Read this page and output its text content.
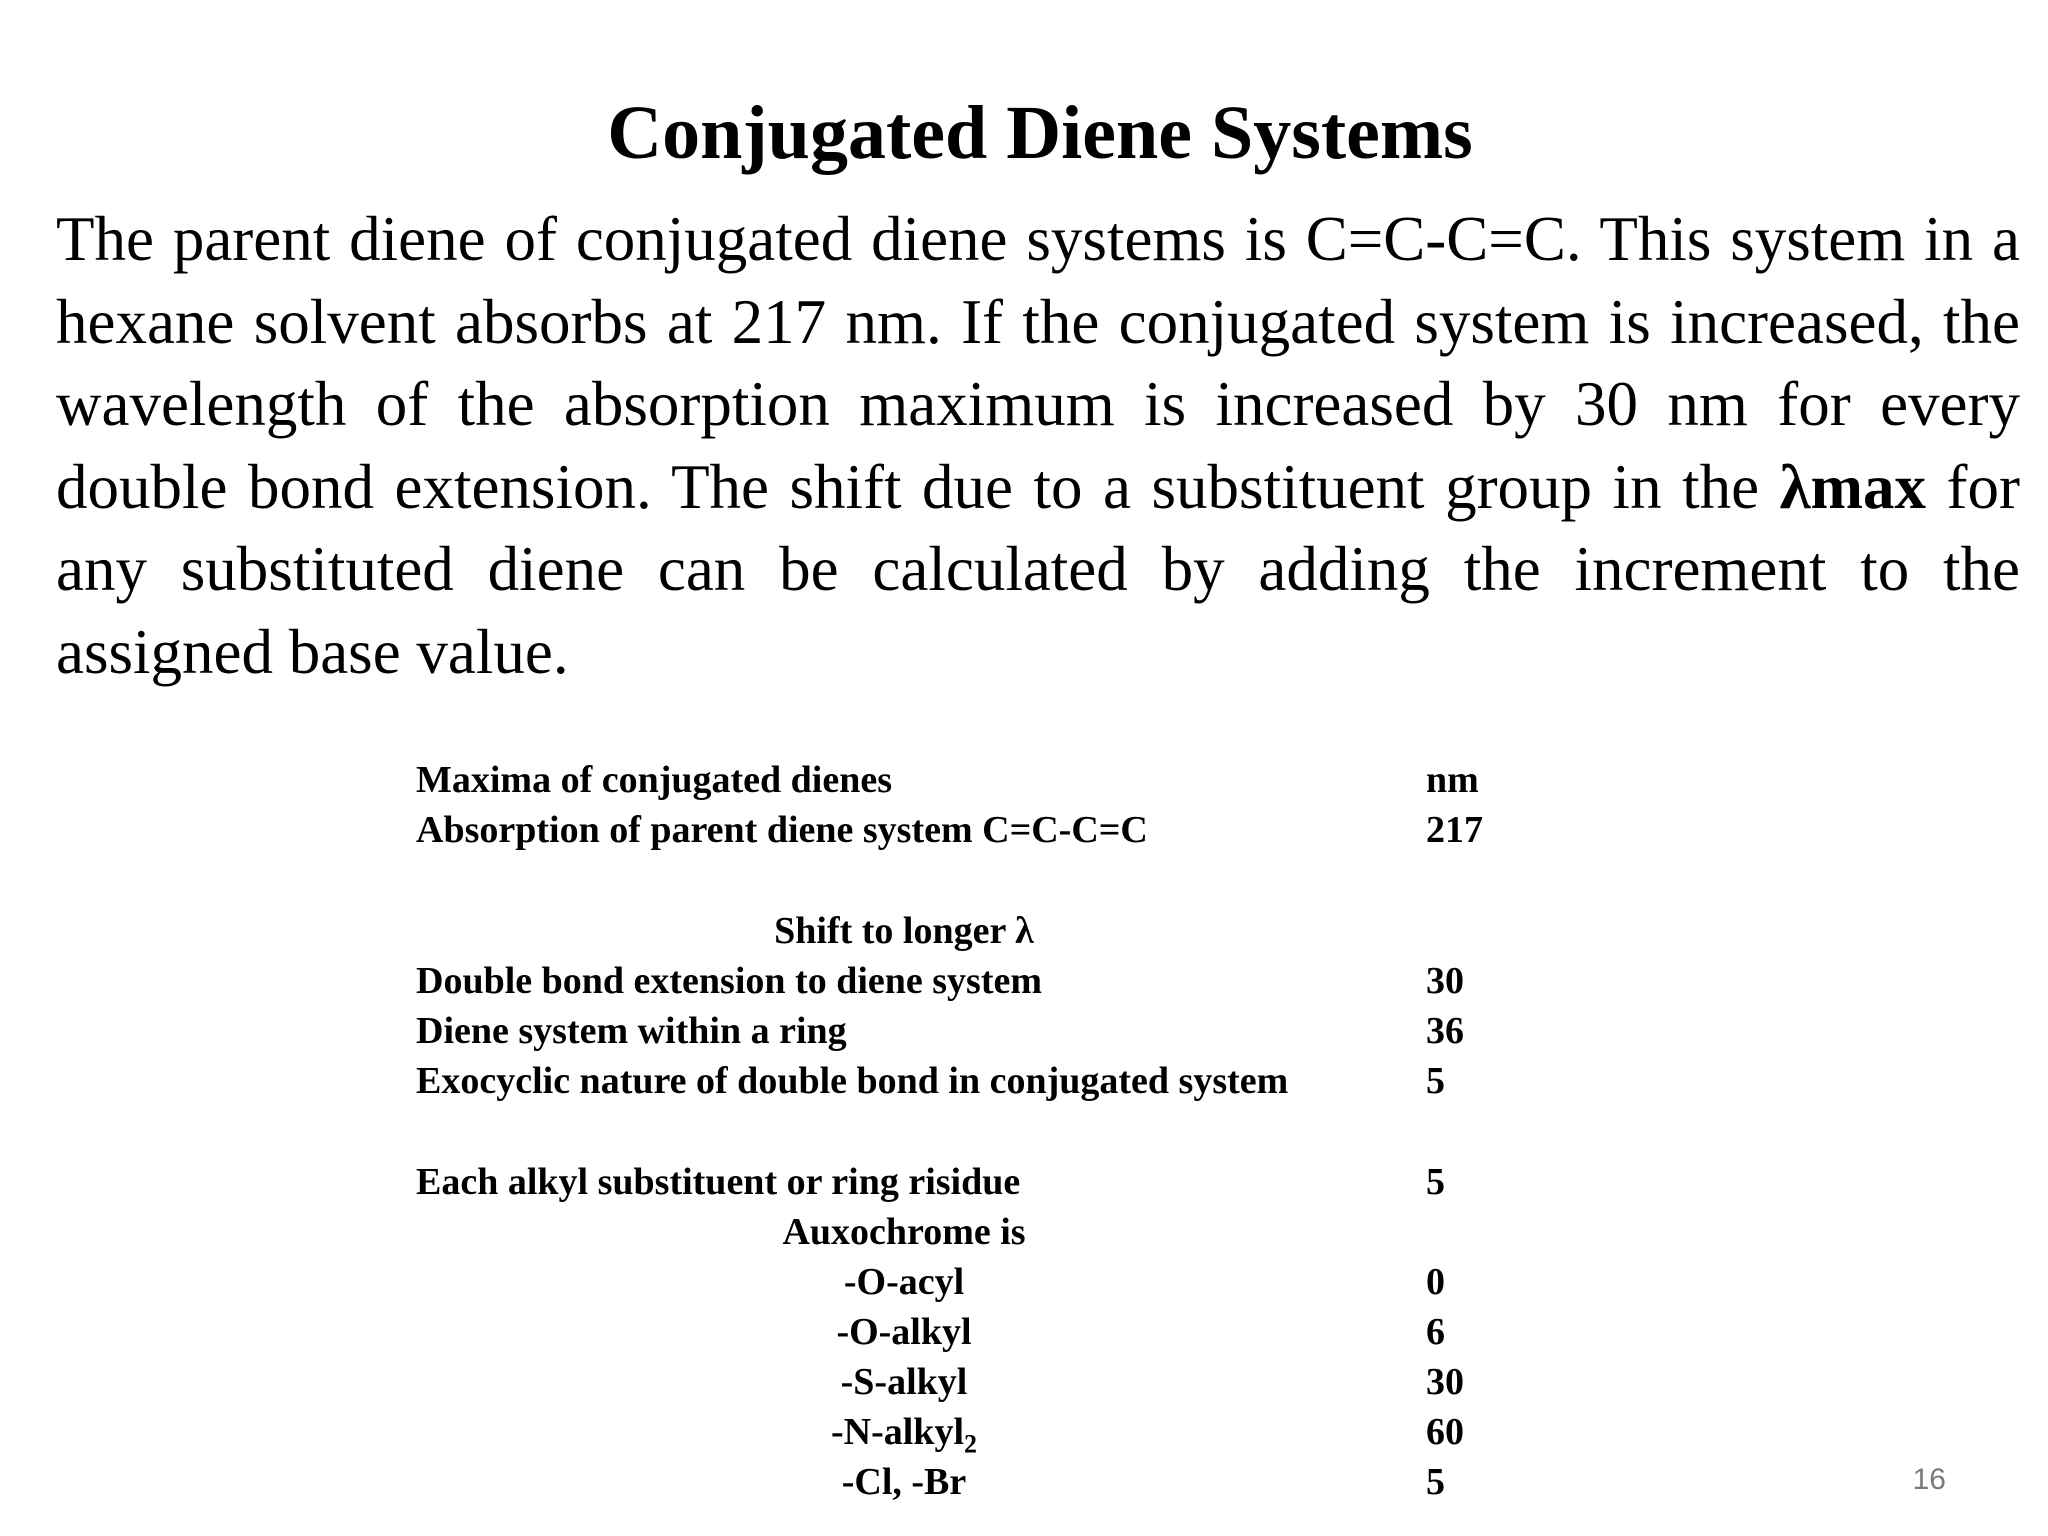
Conjugated Diene Systems

The parent diene of conjugated diene systems is C=C-C=C. This system in a hexane solvent absorbs at 217 nm. If the conjugated system is increased, the wavelength of the absorption maximum is increased by 30 nm for every double bond extension. The shift due to a substituent group in the λmax for any substituted diene can be calculated by adding the increment to the assigned base value.

Maxima of conjugated dienes	nm
Absorption of parent diene system C=C-C=C	217
Shift to longer λ
Double bond extension to diene system	30
Diene system within a ring	36
Exocyclic nature of double bond in conjugated system	5
Each alkyl substituent or ring risidue	5
Auxochrome is
-O-acyl	0
-O-alkyl	6
-S-alkyl	30
-N-alkyl$_2$	60
-Cl, -Br	5	16
